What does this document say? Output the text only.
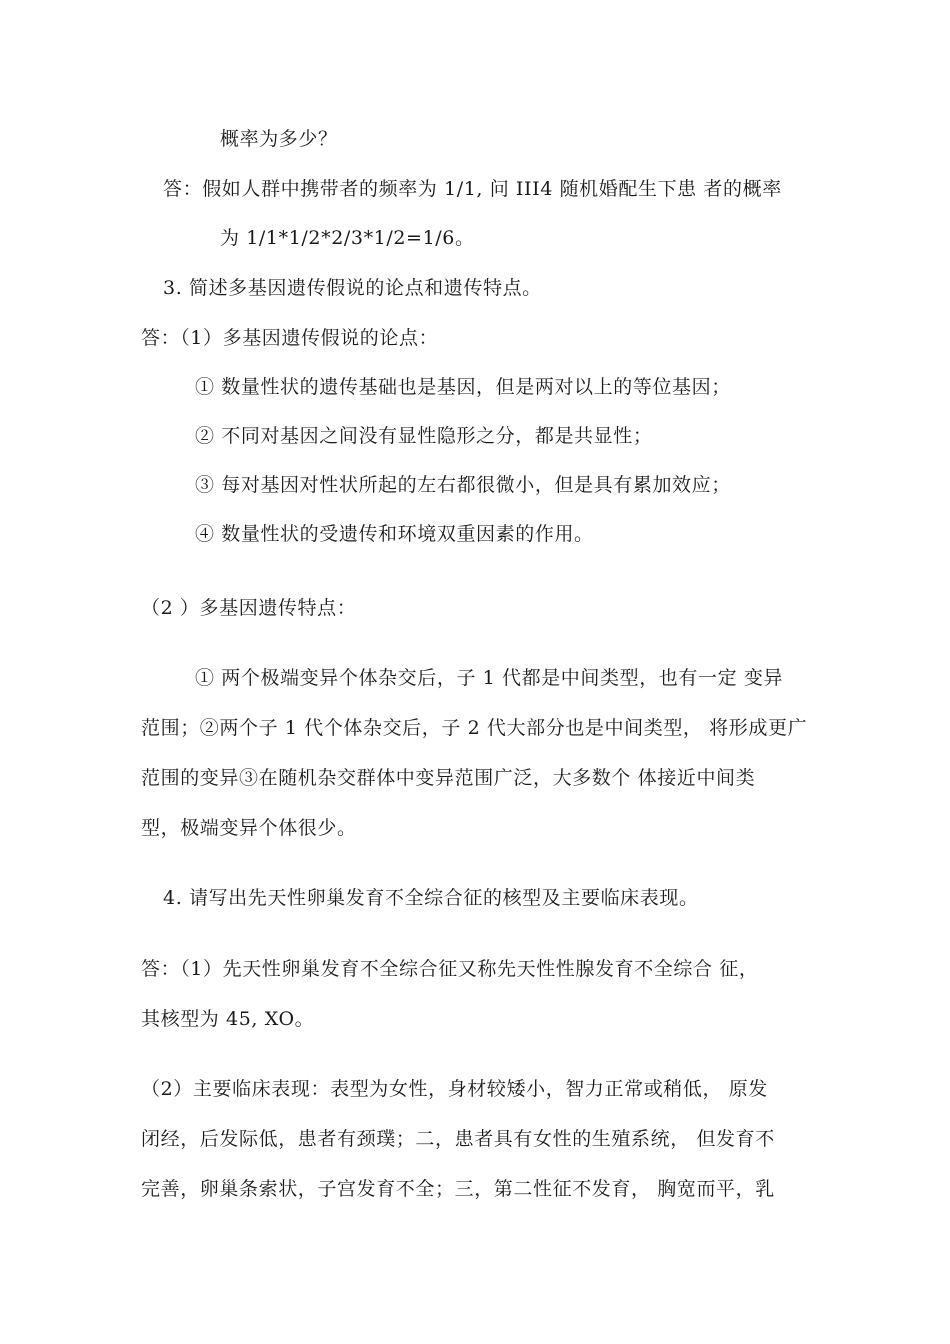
概率为多少？
答：假如人群中携带者的频率为 1/1, 问 III4 随机婚配生下患 者的概率
为 1/1*1/2*2/3*1/2=1/6。
3. 简述多基因遗传假说的论点和遗传特点。
答：（1）多基因遗传假说的论点：
① 数量性状的遗传基础也是基因，但是两对以上的等位基因；
② 不同对基因之间没有显性隐形之分，都是共显性；
③ 每对基因对性状所起的左右都很微小，但是具有累加效应；
④ 数量性状的受遗传和环境双重因素的作用。
（2 ）多基因遗传特点：
① 两个极端变异个体杂交后，子 1 代都是中间类型，也有一定 变异
范围；②两个子 1 代个体杂交后，子 2 代大部分也是中间类型， 将形成更广
范围的变异③在随机杂交群体中变异范围广泛，大多数个 体接近中间类
型，极端变异个体很少。
4. 请写出先天性卵巢发育不全综合征的核型及主要临床表现。
答：（1）先天性卵巢发育不全综合征又称先天性性腺发育不全综合 征，
其核型为 45, XO。
（2）主要临床表现：表型为女性，身材较矮小，智力正常或稍低， 原发
闭经，后发际低，患者有颈璞；二，患者具有女性的生殖系统， 但发育不
完善，卵巢条索状，子宫发育不全；三，第二性征不发育， 胸宽而平，乳
